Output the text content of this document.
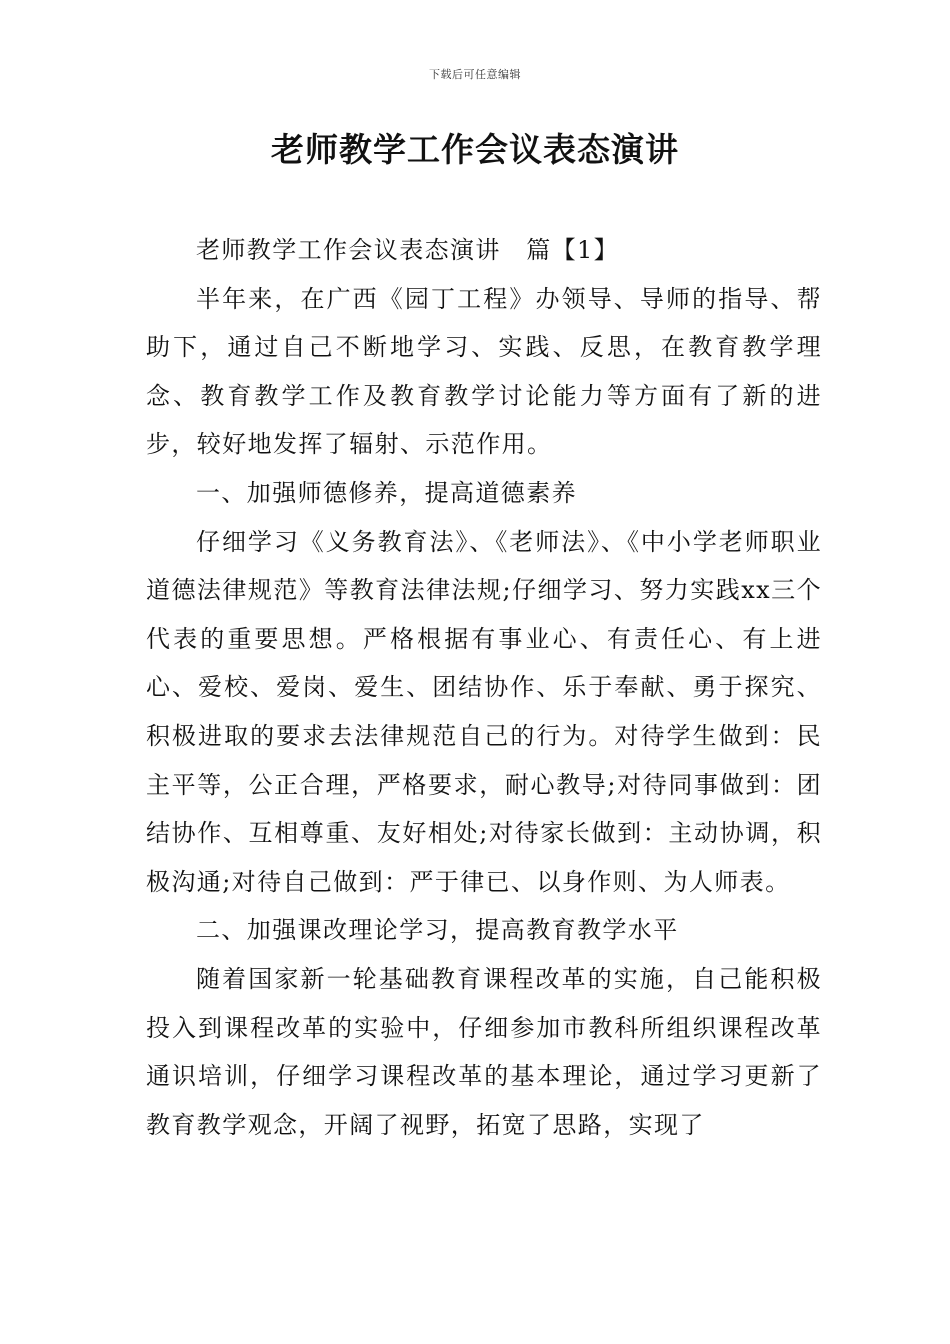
下载后可任意编辑
老师教学工作会议表态演讲

老师教学工作会议表态演讲　篇【1】

半年来，在广西《园丁工程》办领导、导师的指导、帮助下，通过自己不断地学习、实践、反思，在教育教学理念、教育教学工作及教育教学讨论能力等方面有了新的进步，较好地发挥了辐射、示范作用。

一、加强师德修养，提高道德素养

仔细学习《义务教育法》、《老师法》、《中小学老师职业道德法律规范》等教育法律法规;仔细学习、努力实践xx三个代表的重要思想。严格根据有事业心、有责任心、有上进心、爱校、爱岗、爱生、团结协作、乐于奉献、勇于探究、积极进取的要求去法律规范自己的行为。对待学生做到：民主平等，公正合理，严格要求，耐心教导;对待同事做到：团结协作、互相尊重、友好相处;对待家长做到：主动协调，积极沟通;对待自己做到：严于律已、以身作则、为人师表。

二、加强课改理论学习，提高教育教学水平

随着国家新一轮基础教育课程改革的实施，自己能积极投入到课程改革的实验中，仔细参加市教科所组织课程改革通识培训，仔细学习课程改革的基本理论，通过学习更新了教育教学观念，开阔了视野，拓宽了思路，实现了
